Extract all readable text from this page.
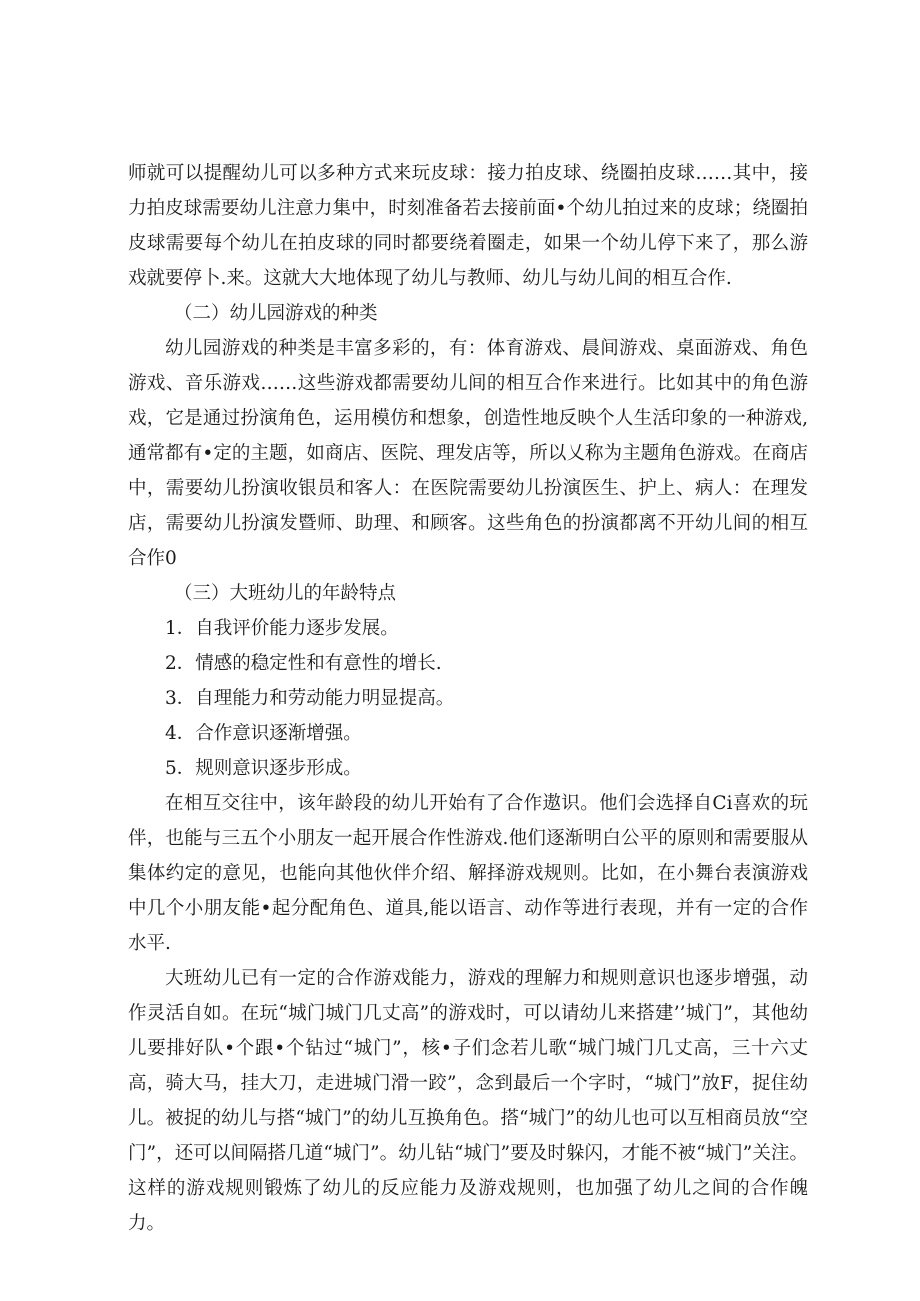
师就可以提醒幼儿可以多种方式来玩皮球：接力拍皮球、绕圈拍皮球……其中，接力拍皮球需要幼儿注意力集中，时刻准备若去接前面•个幼儿拍过来的皮球；绕圈拍皮球需要每个幼儿在拍皮球的同时都要绕着圈走，如果一个幼儿停下来了，那么游戏就要停卜.来。这就大大地体现了幼儿与教师、幼儿与幼儿间的相互合作.

（二）幼儿园游戏的种类

幼儿园游戏的种类是丰富多彩的，有：体育游戏、晨间游戏、桌面游戏、角色游戏、音乐游戏……这些游戏都需要幼儿间的相互合作来进行。比如其中的角色游戏，它是通过扮演角色，运用模仿和想象，创造性地反映个人生活印象的一种游戏,通常都有•定的主题，如商店、医院、理发店等，所以乂称为主题角色游戏。在商店中，需要幼儿扮演收银员和客人：在医院需要幼儿扮演医生、护上、病人：在理发店，需要幼儿扮演发暨师、助理、和顾客。这些角色的扮演都离不开幼儿间的相互合作0

（三）大班幼儿的年龄特点

1．自我评价能力逐步发展。

2．情感的稳定性和有意性的增长.

3．自理能力和劳动能力明显提高。

4．合作意识逐渐增强。

5．规则意识逐步形成。

在相互交往中，该年龄段的幼儿开始有了合作遨识。他们会选择自Ci喜欢的玩伴，也能与三五个小朋友一起开展合作性游戏.他们逐渐明白公平的原则和需要服从集体约定的意见，也能向其他伙伴介绍、解择游戏规则。比如，在小舞台表演游戏中几个小朋友能•起分配角色、道具,能以语言、动作等进行表现，并有一定的合作水平.

大班幼儿已有一定的合作游戏能力，游戏的理解力和规则意识也逐步增强，动作灵活自如。在玩“城门城门几丈高”的游戏时，可以请幼儿来搭建’’城门”，其他幼儿要排好队•个跟•个钻过“城门”，核•子们念若儿歌“城门城门几丈高，三十六丈高，骑大马，挂大刀，走进城门滑一跤”，念到最后一个字时，“城门”放F，捉住幼儿。被捉的幼儿与搭“城门”的幼儿互换角色。搭“城门”的幼儿也可以互相商员放“空门”，还可以间隔搭几道“城门”。幼儿钻“城门”要及时躲闪，才能不被“城门”关注。这样的游戏规则锻炼了幼儿的反应能力及游戏规则，也加强了幼儿之间的合作魄力。
